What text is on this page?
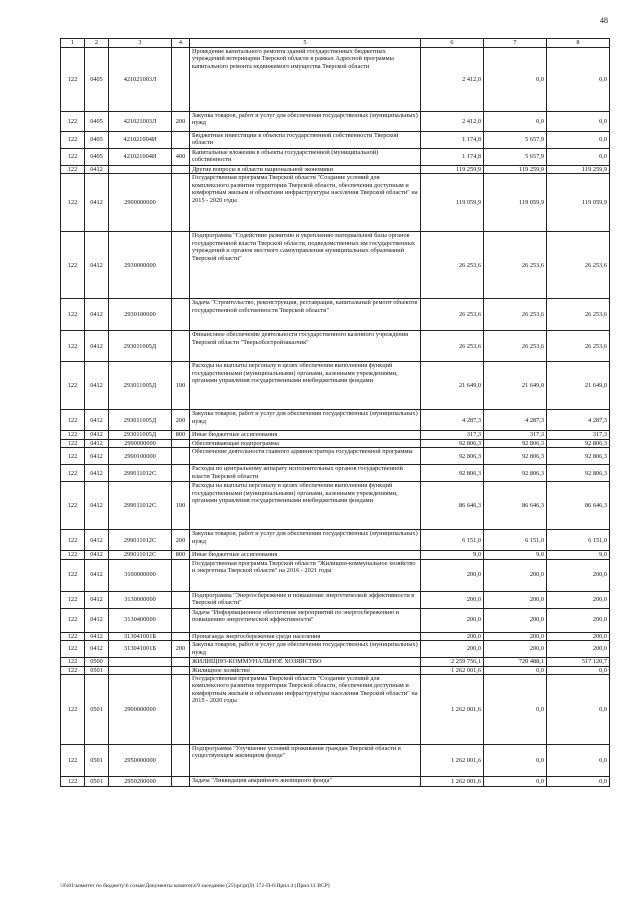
48
1	2	3	4	5	6	7	8
122	0405	421021003Л		Проведение капитального ремонта зданий государственных бюджетных учреждений ветеринарии Тверской области в рамках Адресной программы капитального ремонта недвижимого имущества Тверской области	2 412,0	0,0	0,0
122	0405	421021003Л	200	Закупка товаров, работ и услуг для обеспечения государственных (муниципальных) нужд	2 412,0	0,0	0,0
122	0405	421021004И		Бюджетные инвестиции в объекты государственной собственности Тверской области	1 174,8	5 657,9	0,0
122	0405	421021004И	400	Капитальные вложения в объекты государственной (муниципальной) собственности	1 174,8	5 657,9	0,0
122	0412			Другие вопросы в области национальной экономики	119 259,9	119 259,9	119 259,9
122	0412	2900000000		Государственная программа Тверской области "Создание условий для комплексного развития территории Тверской области, обеспечения доступным и комфортным жильем и объектами инфраструктуры населения Тверской области" на 2015 - 2020 годы	119 059,9	119 059,9	119 059,9
122	0412	2930000000		Подпрограмма "Содействие развитию и укреплению материальной базы органов государственной власти Тверской области, подведомственных им государственных учреждений и органов местного самоуправления муниципальных образований Тверской области"	26 253,6	26 253,6	26 253,6
122	0412	2930100000		Задача "Строительство, реконструкция, реставрация, капитальный ремонт объектов государственной собственности Тверской области"	26 253,6	26 253,6	26 253,6
122	0412	293011005Д		Финансовое обеспечение деятельности государственного казенного учреждения Тверской области "Тверьоблстройзаказчик"	26 253,6	26 253,6	26 253,6
122	0412	293011005Д	100	Расходы на выплаты персоналу в целях обеспечения выполнения функций государственными (муниципальными) органами, казенными учреждениями, органами управления государственными внебюджетными фондами	21 649,0	21 649,0	21 649,0
122	0412	293011005Д	200	Закупка товаров, работ и услуг для обеспечения государственных (муниципальных) нужд	4 287,3	4 287,3	4 287,3
122	0412	293011005Д	800	Иные бюджетные ассигнования	317,3	317,3	317,3
122	0412	2990000000		Обеспечивающая подпрограмма	92 806,3	92 806,3	92 806,3
122	0412	2990100000		Обеспечение деятельности главного администратора государственной программы	92 806,3	92 806,3	92 806,3
122	0412	299011012С		Расходы по центральному аппарату исполнительных органов государственной власти Тверской области	92 806,3	92 806,3	92 806,3
122	0412	299011012С	100	Расходы на выплаты персоналу в целях обеспечения выполнения функций государственными (муниципальными) органами, казенными учреждениями, органами управления государственными внебюджетными фондами	86 646,3	86 646,3	86 646,3
122	0412	299011012С	200	Закупка товаров, работ и услуг для обеспечения государственных (муниципальных) нужд	6 151,0	6 151,0	6 151,0
122	0412	299011012С	800	Иные бюджетные ассигнования	9,0	9,0	9,0
122	0412	3100000000		Государственная программа Тверской области "Жилищно-коммунальное хозяйство и энергетика Тверской области" на 2016 - 2021 годы	200,0	200,0	200,0
122	0412	3130000000		Подпрограмма "Энергосбережение и повышение энергетической эффективности в Тверской области"	200,0	200,0	200,0
122	0412	3130400000		Задача "Информационное обеспечение мероприятий по энергосбережению и повышению энергетической эффективности"	200,0	200,0	200,0
122	0412	313041001Б		Пропаганда энергосбережения среди населения	200,0	200,0	200,0
122	0412	313041001Б	200	Закупка товаров, работ и услуг для обеспечения государственных (муниципальных) нужд	200,0	200,0	200,0
122	0500			ЖИЛИЩНО-КОММУНАЛЬНОЕ ХОЗЯЙСТВО	2 259 756,1	720 488,1	517 120,7
122	0501			Жилищное хозяйство	1 262 001,6	0,0	0,0
122	0501	2900000000		Государственная программа Тверской области "Создание условий для комплексного развития территории Тверской области, обеспечения доступным и комфортным жильем и объектами инфраструктуры населения Тверской области" на 2015 - 2020 годы	1 262 001,6	0,0	0,0
122	0501	2950000000		Подпрограмма "Улучшение условий проживания граждан Тверской области в существующем жилищном фонде"	1 262 001,6	0,0	0,0
122	0501	2950200000		Задача "Ликвидация аварийного жилищного фонда"	1 262 001,6	0,0	0,0
\\Fs01\комитет по бюджету\6 созыв\Документы комитета\9 заседание (25)\pr\pr(9) 172-П-6\Прил 4 (Прил 11 ВСР)
